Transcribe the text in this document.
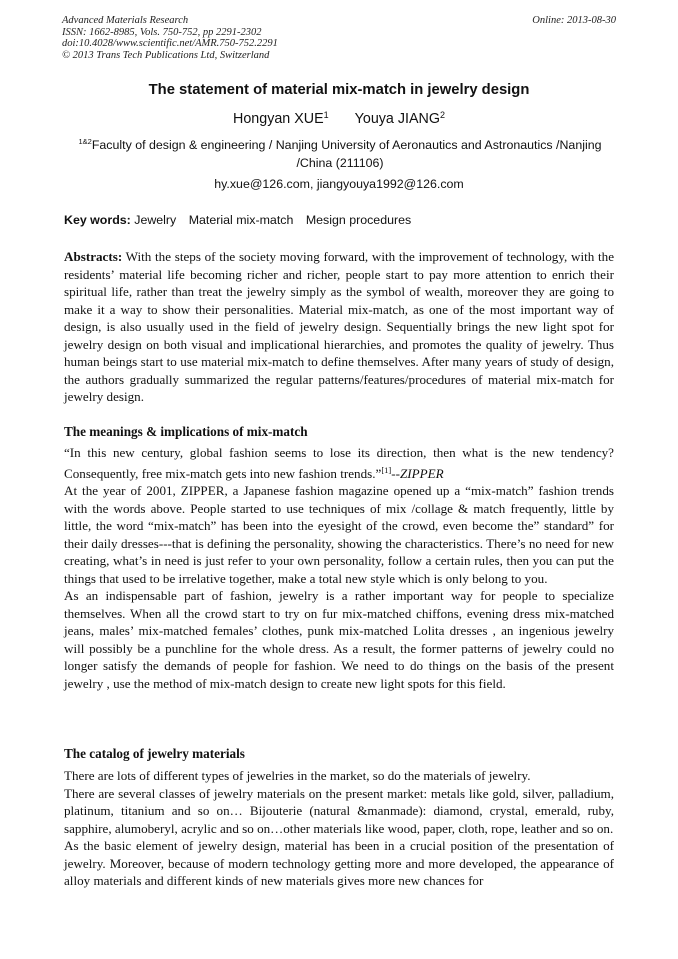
Advanced Materials Research
ISSN: 1662-8985, Vols. 750-752, pp 2291-2302
doi:10.4028/www.scientific.net/AMR.750-752.2291
© 2013 Trans Tech Publications Ltd, Switzerland
Online: 2013-08-30
The statement of material mix-match in jewelry design
Hongyan XUE$^1$ Youya JIANG$^2$
$^{1\&2}$Faculty of design & engineering / Nanjing University of Aeronautics and Astronautics /Nanjing /China (211106)
hy.xue@126.com, jiangyouya1992@126.com
Key words: Jewelry Material mix-match Mesign procedures

Abstracts: With the steps of the society moving forward, with the improvement of technology, with the residents’ material life becoming richer and richer, people start to pay more attention to enrich their spiritual life, rather than treat the jewelry simply as the symbol of wealth, moreover they are going to make it a way to show their personalities. Material mix-match, as one of the most important way of design, is also usually used in the field of jewelry design. Sequentially brings the new light spot for jewelry design on both visual and implicational hierarchies, and promotes the quality of jewelry. Thus human beings start to use material mix-match to define themselves. After many years of study of design, the authors gradually summarized the regular patterns/features/procedures of material mix-match for jewelry design.

The meanings & implications of mix-match

“In this new century, global fashion seems to lose its direction, then what is the new tendency? Consequently, free mix-match gets into new fashion trends.”[1]--ZIPPER

At the year of 2001, ZIPPER, a Japanese fashion magazine opened up a “mix-match” fashion trends with the words above. People started to use techniques of mix /collage & match frequently, little by little, the word “mix-match” has been into the eyesight of the crowd, even become the” standard” for their daily dresses---that is defining the personality, showing the characteristics. There’s no need for new creating, what’s in need is just refer to your own personality, follow a certain rules, then you can put the things that used to be irrelative together, make a total new style which is only belong to you.

As an indispensable part of fashion, jewelry is a rather important way for people to specialize themselves. When all the crowd start to try on fur mix-matched chiffons, evening dress mix-matched jeans, males’ mix-matched females’ clothes, punk mix-matched Lolita dresses , an ingenious jewelry will possibly be a punchline for the whole dress. As a result, the former patterns of jewelry could no longer satisfy the demands of people for fashion. We need to do things on the basis of the present jewelry , use the method of mix-match design to create new light spots for this field.

The catalog of jewelry materials

There are lots of different types of jewelries in the market, so do the materials of jewelry.

There are several classes of jewelry materials on the present market: metals like gold, silver, palladium, platinum, titanium and so on… Bijouterie (natural &manmade): diamond, crystal, emerald, ruby, sapphire, alumoberyl, acrylic and so on…other materials like wood, paper, cloth, rope, leather and so on.

As the basic element of jewelry design, material has been in a crucial position of the presentation of jewelry. Moreover, because of modern technology getting more and more developed, the appearance of alloy materials and different kinds of new materials gives more new chances for
